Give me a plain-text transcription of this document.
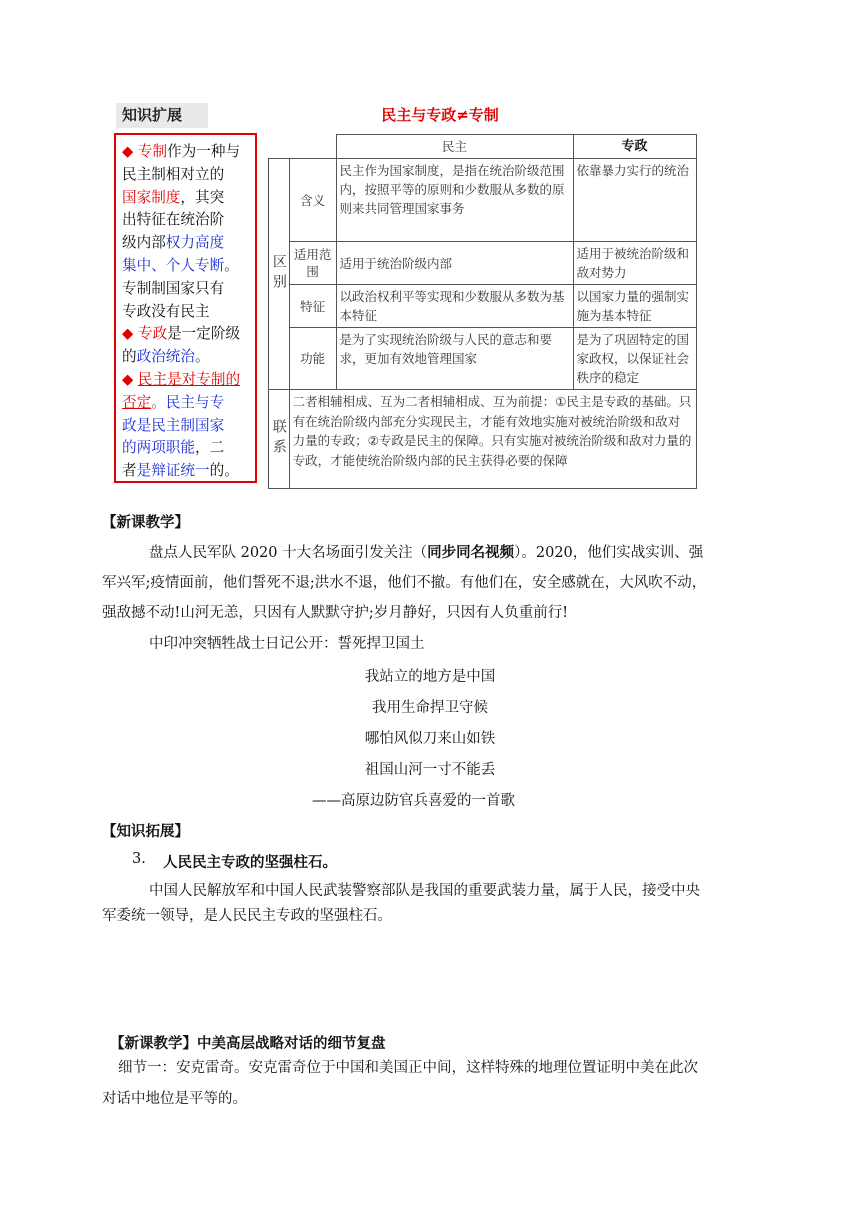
知识扩展	民主与专政≠专制

◆ 专制作为一种与

民主制相对立的

国家制度，其突

出特征在统治阶

级内部权力高度

集中、个人专断。

专制制国家只有

专政没有民主

◆ 专政是一定阶级

的政治统治。

◆ 民主是对专制的

否定。民主与专

政是民主制国家

的两项职能，二

者是辩证统一的。

		民主	专政
区别	含义	民主作为国家制度，是指在统治阶级范围内，按照平等的原则和少数服从多数的原则来共同管理国家事务	依靠暴力实行的统治
	适用范围	适用于统治阶级内部	适用于被统治阶级和敌对势力
	特征	以政治权利平等实现和少数服从多数为基本特征	以国家力量的强制实施为基本特征
	功能	是为了实现统治阶级与人民的意志和要求，更加有效地管理国家	是为了巩固特定的国家政权，以保证社会秩序的稳定
联系	二者相辅相成、互为二者相辅相成、互为前提：①民主是专政的基础。只有在统治阶级内部充分实现民主，才能有效地实施对被统治阶级和敌对力量的专政；②专政是民主的保障。只有实施对被统治阶级和敌对力量的专政，才能使统治阶级内部的民主获得必要的保障		
【新课教学】
盘点人民军队 2020 十大名场面引发关注（同步同名视频）。2020，他们实战实训、强
军兴军;疫情面前，他们誓死不退;洪水不退，他们不撤。有他们在，安全感就在，大风吹不动，
强敌撼不动!山河无恙，只因有人默默守护;岁月静好，只因有人负重前行!
中印冲突牺牲战士日记公开：誓死捍卫国土
我站立的地方是中国
我用生命捍卫守候
哪怕风似刀来山如铁
祖国山河一寸不能丢
——高原边防官兵喜爱的一首歌
【知识拓展】
3. 人民民主专政的坚强柱石。
中国人民解放军和中国人民武装警察部队是我国的重要武装力量，属于人民，接受中央
军委统一领导，是人民民主专政的坚强柱石。
【新课教学】中美高层战略对话的细节复盘
细节一：安克雷奇。安克雷奇位于中国和美国正中间，这样特殊的地理位置证明中美在此次
对话中地位是平等的。
